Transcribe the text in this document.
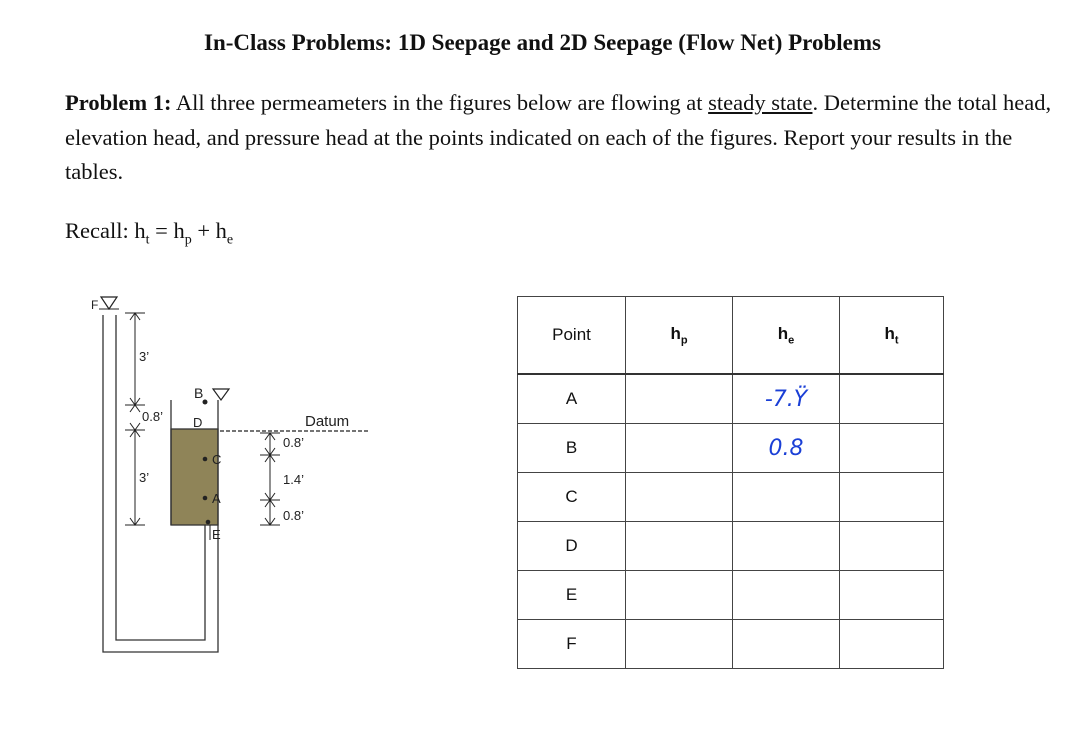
In-Class Problems: 1D Seepage and 2D Seepage (Flow Net) Problems
Problem 1: All three permeameters in the figures below are flowing at steady state. Determine the total head, elevation head, and pressure head at the points indicated on each of the figures. Report your results in the tables.
Recall: $h_t = h_p + h_e$
F
B
D
C
A
E
Datum
3’
0.8’
3’
0.8’
1.4’
0.8’
Point	$h_p$	$h_e$	$h_t$
A		-7.Ÿ	
B		0.8	
C			
D			
E			
F			
